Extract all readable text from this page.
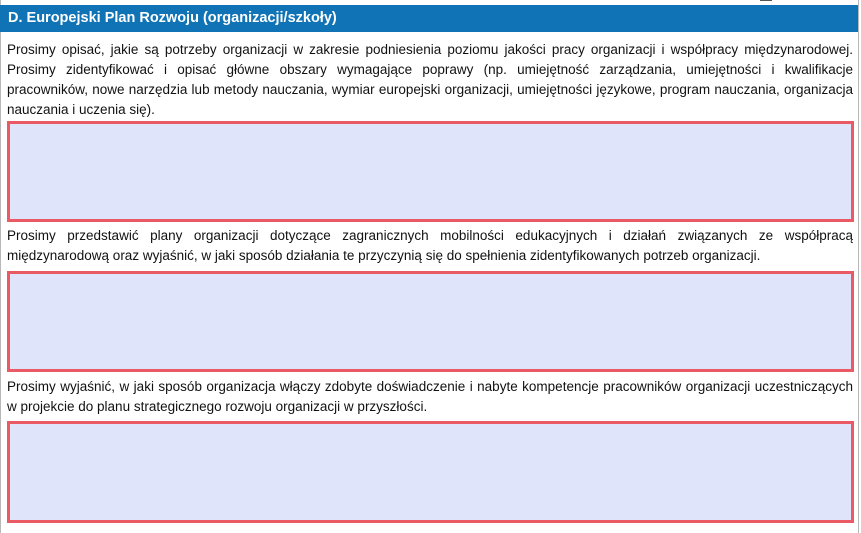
D. Europejski Plan Rozwoju (organizacji/szkoły)
Prosimy opisać, jakie są potrzeby organizacji w zakresie podniesienia poziomu jakości pracy organizacji i współpracy międzynarodowej. Prosimy zidentyfikować i opisać główne obszary wymagające poprawy (np. umiejętność zarządzania, umiejętności i kwalifikacje pracowników, nowe narzędzia lub metody nauczania, wymiar europejski organizacji, umiejętności językowe, program nauczania, organizacja nauczania i uczenia się).
Prosimy przedstawić plany organizacji dotyczące zagranicznych mobilności edukacyjnych i działań związanych ze współpracą międzynarodową oraz wyjaśnić, w jaki sposób działania te przyczynią się do spełnienia zidentyfikowanych potrzeb organizacji.
Prosimy wyjaśnić, w jaki sposób organizacja włączy zdobyte doświadczenie i nabyte kompetencje pracowników organizacji uczestniczących w projekcie do planu strategicznego rozwoju organizacji w przyszłości.
